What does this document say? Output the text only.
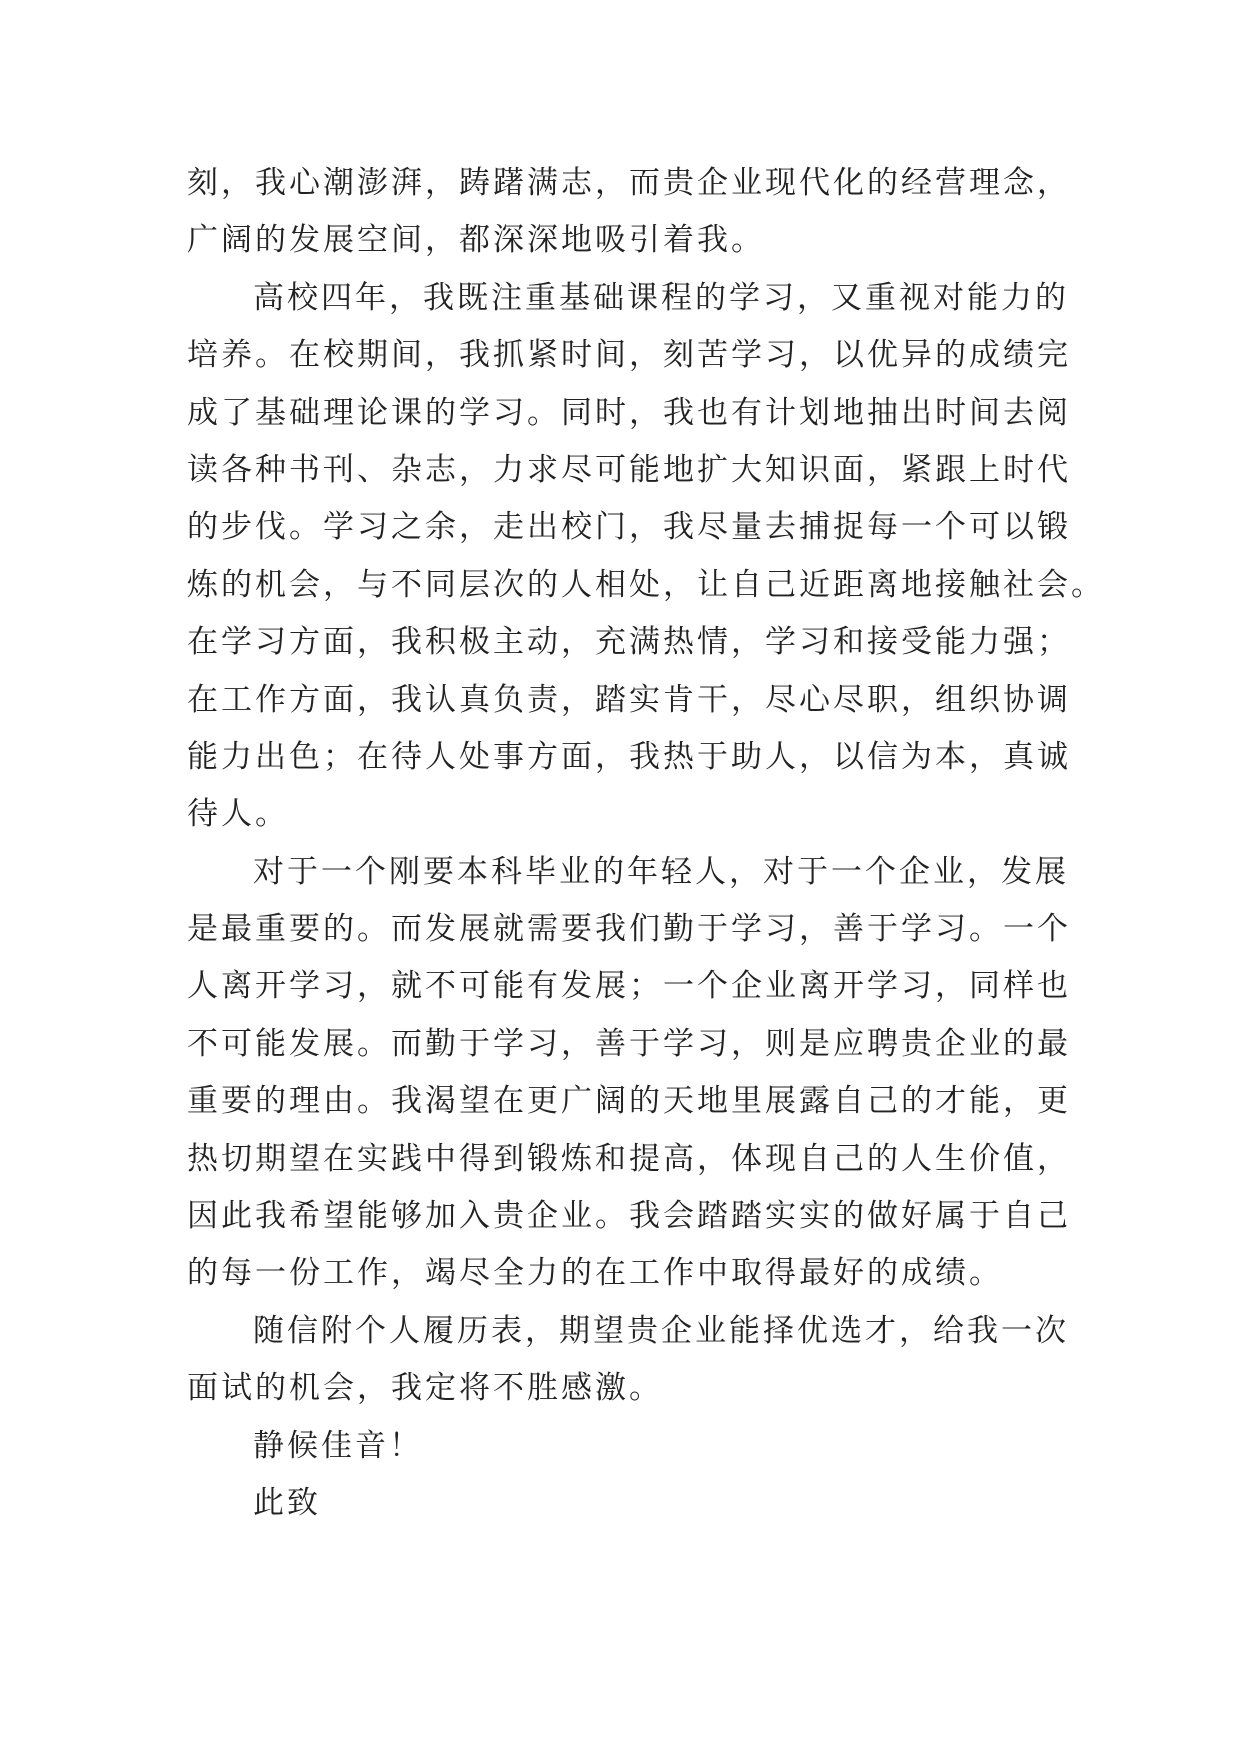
刻，我心潮澎湃，踌躇满志，而贵企业现代化的经营理念，
广阔的发展空间，都深深地吸引着我。
高校四年，我既注重基础课程的学习，又重视对能力的
培养。在校期间，我抓紧时间，刻苦学习，以优异的成绩完
成了基础理论课的学习。同时，我也有计划地抽出时间去阅
读各种书刊、杂志，力求尽可能地扩大知识面，紧跟上时代
的步伐。学习之余，走出校门，我尽量去捕捉每一个可以锻
炼的机会，与不同层次的人相处，让自己近距离地接触社会。
在学习方面，我积极主动，充满热情，学习和接受能力强；
在工作方面，我认真负责，踏实肯干，尽心尽职，组织协调
能力出色；在待人处事方面，我热于助人，以信为本，真诚
待人。
对于一个刚要本科毕业的年轻人，对于一个企业，发展
是最重要的。而发展就需要我们勤于学习，善于学习。一个
人离开学习，就不可能有发展；一个企业离开学习，同样也
不可能发展。而勤于学习，善于学习，则是应聘贵企业的最
重要的理由。我渴望在更广阔的天地里展露自己的才能，更
热切期望在实践中得到锻炼和提高，体现自己的人生价值，
因此我希望能够加入贵企业。我会踏踏实实的做好属于自己
的每一份工作，竭尽全力的在工作中取得最好的成绩。
随信附个人履历表，期望贵企业能择优选才，给我一次
面试的机会，我定将不胜感激。
静候佳音！
此致
